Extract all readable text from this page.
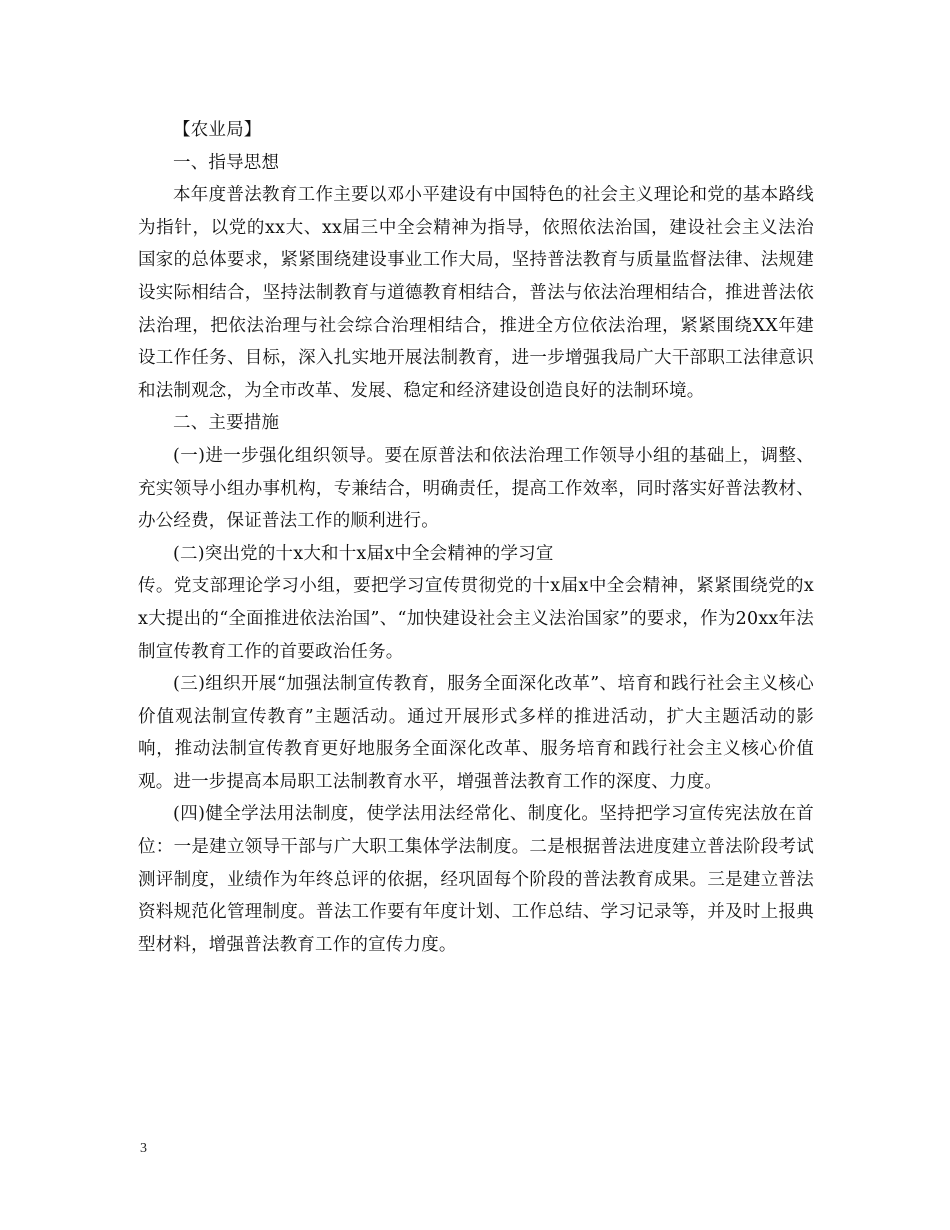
【农业局】

一、指导思想

本年度普法教育工作主要以邓小平建设有中国特色的社会主义理论和党的基本路线为指针，以党的xx大、xx届三中全会精神为指导，依照依法治国，建设社会主义法治国家的总体要求，紧紧围绕建设事业工作大局，坚持普法教育与质量监督法律、法规建设实际相结合，坚持法制教育与道德教育相结合，普法与依法治理相结合，推进普法依法治理，把依法治理与社会综合治理相结合，推进全方位依法治理，紧紧围绕XX年建设工作任务、目标，深入扎实地开展法制教育，进一步增强我局广大干部职工法律意识和法制观念，为全市改革、发展、稳定和经济建设创造良好的法制环境。

二、主要措施

(一)进一步强化组织领导。要在原普法和依法治理工作领导小组的基础上，调整、充实领导小组办事机构，专兼结合，明确责任，提高工作效率，同时落实好普法教材、办公经费，保证普法工作的顺利进行。

(二)突出党的十x大和十x届x中全会精神的学习宣

传。党支部理论学习小组，要把学习宣传贯彻党的十x届x中全会精神，紧紧围绕党的xx大提出的“全面推进依法治国”、“加快建设社会主义法治国家”的要求，作为20xx年法制宣传教育工作的首要政治任务。

(三)组织开展“加强法制宣传教育，服务全面深化改革”、培育和践行社会主义核心价值观法制宣传教育”主题活动。通过开展形式多样的推进活动，扩大主题活动的影响，推动法制宣传教育更好地服务全面深化改革、服务培育和践行社会主义核心价值观。进一步提高本局职工法制教育水平，增强普法教育工作的深度、力度。

(四)健全学法用法制度，使学法用法经常化、制度化。坚持把学习宣传宪法放在首位：一是建立领导干部与广大职工集体学法制度。二是根据普法进度建立普法阶段考试测评制度，业绩作为年终总评的依据，经巩固每个阶段的普法教育成果。三是建立普法资料规范化管理制度。普法工作要有年度计划、工作总结、学习记录等，并及时上报典型材料，增强普法教育工作的宣传力度。

3
